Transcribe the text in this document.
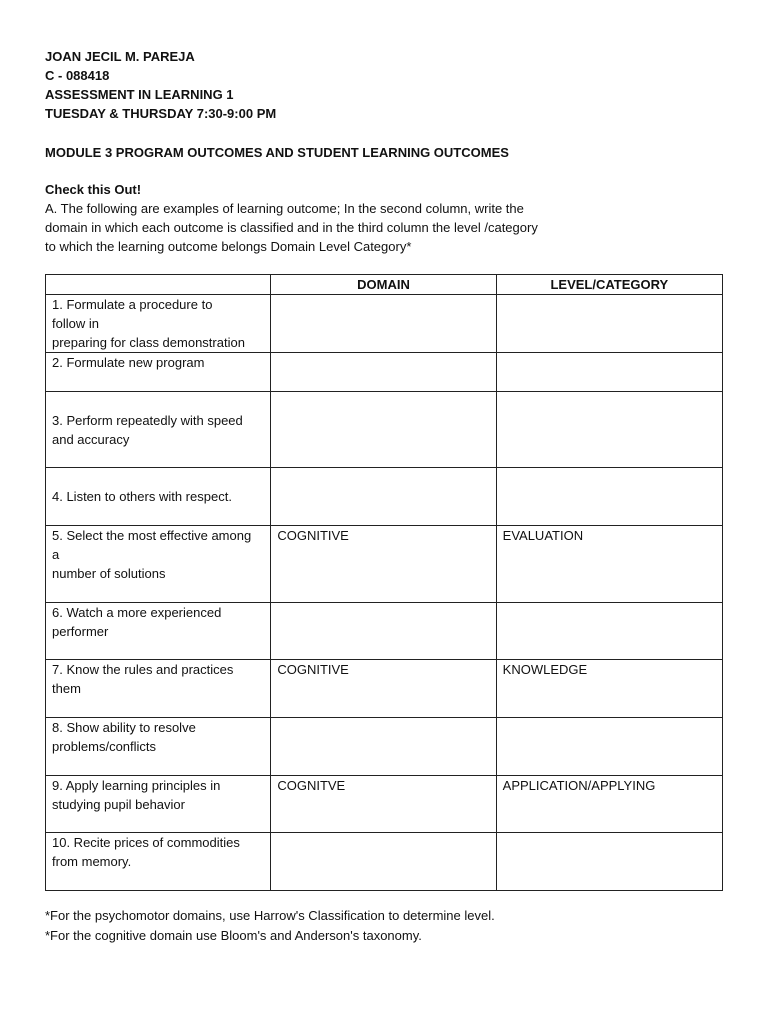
JOAN JECIL M. PAREJA
C - 088418
ASSESSMENT IN LEARNING 1
TUESDAY & THURSDAY 7:30-9:00 PM
MODULE 3 PROGRAM OUTCOMES AND STUDENT LEARNING OUTCOMES
Check this Out!
A. The following are examples of learning outcome; In the second column, write the
domain in which each outcome is classified and in the third column the level /category
to which the learning outcome belongs Domain Level Category*
	DOMAIN	LEVEL/CATEGORY
1. Formulate a procedure to
follow in
preparing for class demonstration		
2. Formulate new program		
3. Perform repeatedly with speed
and accuracy		
4. Listen to others with respect.		
5. Select the most effective among
a
number of solutions	COGNITIVE	EVALUATION
6. Watch a more experienced
performer		
7. Know the rules and practices
them	COGNITIVE	KNOWLEDGE
8. Show ability to resolve
problems/conflicts		
9. Apply learning principles in
studying pupil behavior	COGNITVE	APPLICATION/APPLYING
10. Recite prices of commodities
from memory.		
*For the psychomotor domains, use Harrow's Classification to determine level.
*For the cognitive domain use Bloom's and Anderson's taxonomy.
